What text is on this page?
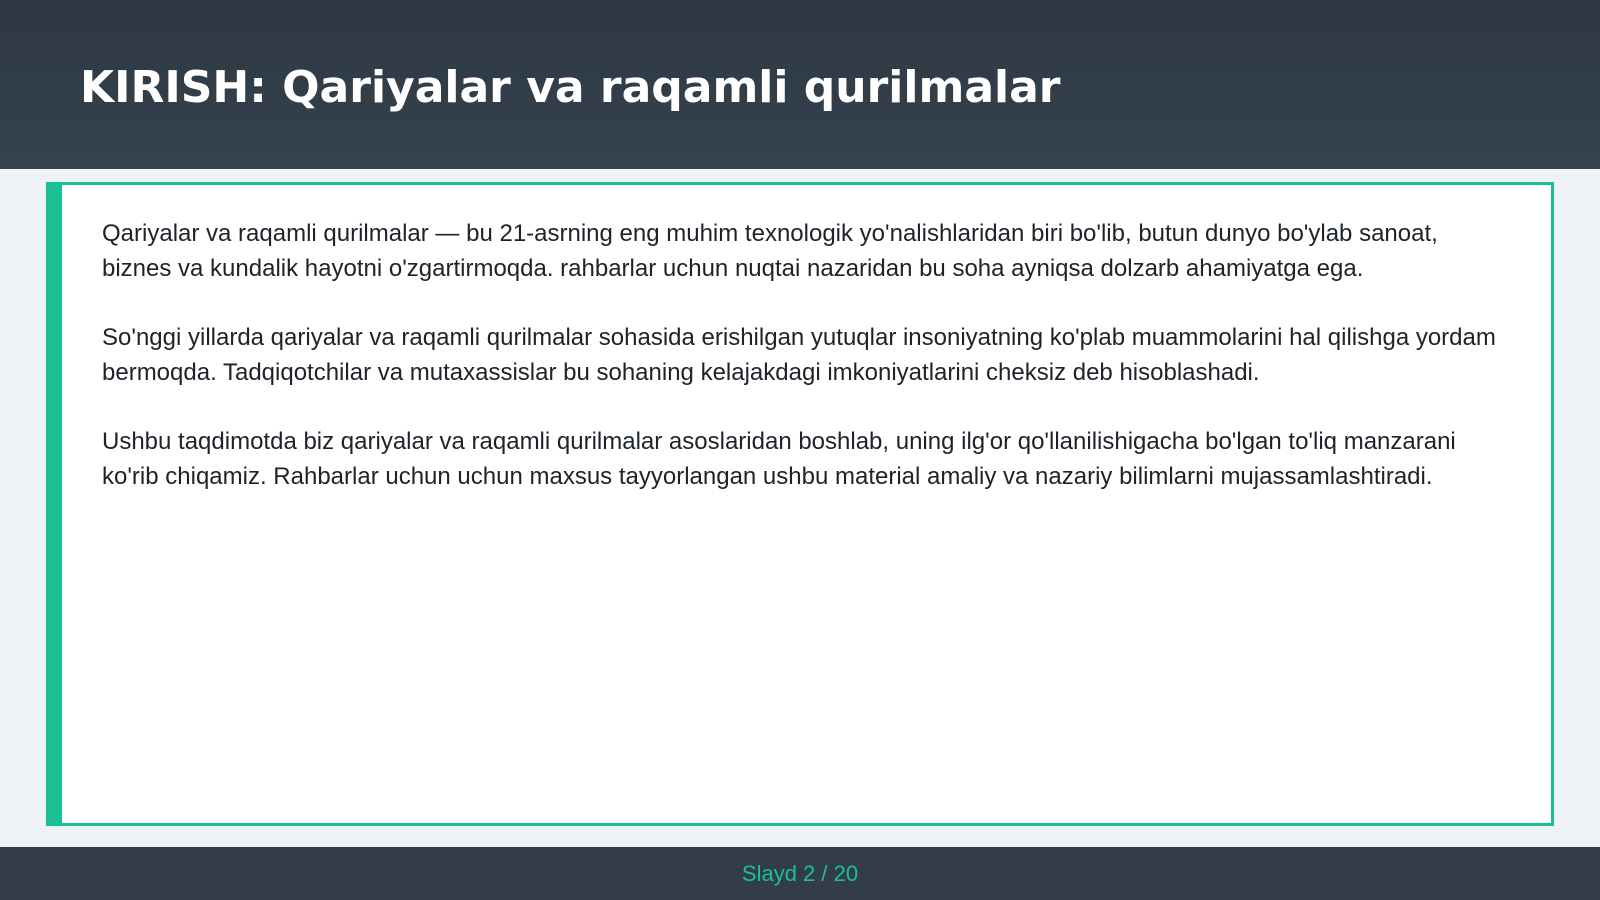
KIRISH: Qariyalar va raqamli qurilmalar

Qariyalar va raqamli qurilmalar — bu 21-asrning eng muhim texnologik yo'nalishlaridan biri bo'lib, butun dunyo bo'ylab sanoat, biznes va kundalik hayotni o'zgartirmoqda. rahbarlar uchun nuqtai nazaridan bu soha ayniqsa dolzarb ahamiyatga ega.

So'nggi yillarda qariyalar va raqamli qurilmalar sohasida erishilgan yutuqlar insoniyatning ko'plab muammolarini hal qilishga yordam bermoqda. Tadqiqotchilar va mutaxassislar bu sohaning kelajakdagi imkoniyatlarini cheksiz deb hisoblashadi.

Ushbu taqdimotda biz qariyalar va raqamli qurilmalar asoslaridan boshlab, uning ilg'or qo'llanilishigacha bo'lgan to'liq manzarani ko'rib chiqamiz. Rahbarlar uchun uchun maxsus tayyorlangan ushbu material amaliy va nazariy bilimlarni mujassamlashtiradi.

Slayd 2 / 20
